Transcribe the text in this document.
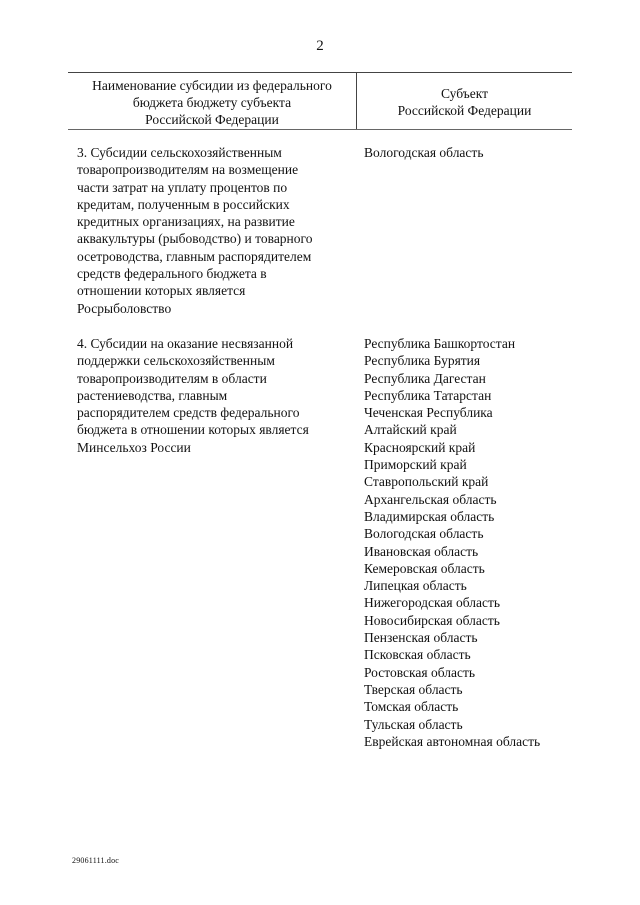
2
Наименование субсидии из федерального
бюджета бюджету субъекта
Российской Федерации
Субъект
Российской Федерации
3. Субсидии сельскохозяйственным
товаропроизводителям на возмещение
части затрат на уплату процентов по
кредитам, полученным в российских
кредитных организациях, на развитие
аквакультуры (рыбоводство) и товарного
осетроводства, главным распорядителем
средств федерального бюджета в
отношении которых является
Росрыболовство
Вологодская область
4. Субсидии на оказание несвязанной
поддержки сельскохозяйственным
товаропроизводителям в области
растениеводства, главным
распорядителем средств федерального
бюджета в отношении которых является
Минсельхоз России
Республика Башкортостан
Республика Бурятия
Республика Дагестан
Республика Татарстан
Чеченская Республика
Алтайский край
Красноярский край
Приморский край
Ставропольский край
Архангельская область
Владимирская область
Вологодская область
Ивановская область
Кемеровская область
Липецкая область
Нижегородская область
Новосибирская область
Пензенская область
Псковская область
Ростовская область
Тверская область
Томская область
Тульская область
Еврейская автономная область
29061111.doc
